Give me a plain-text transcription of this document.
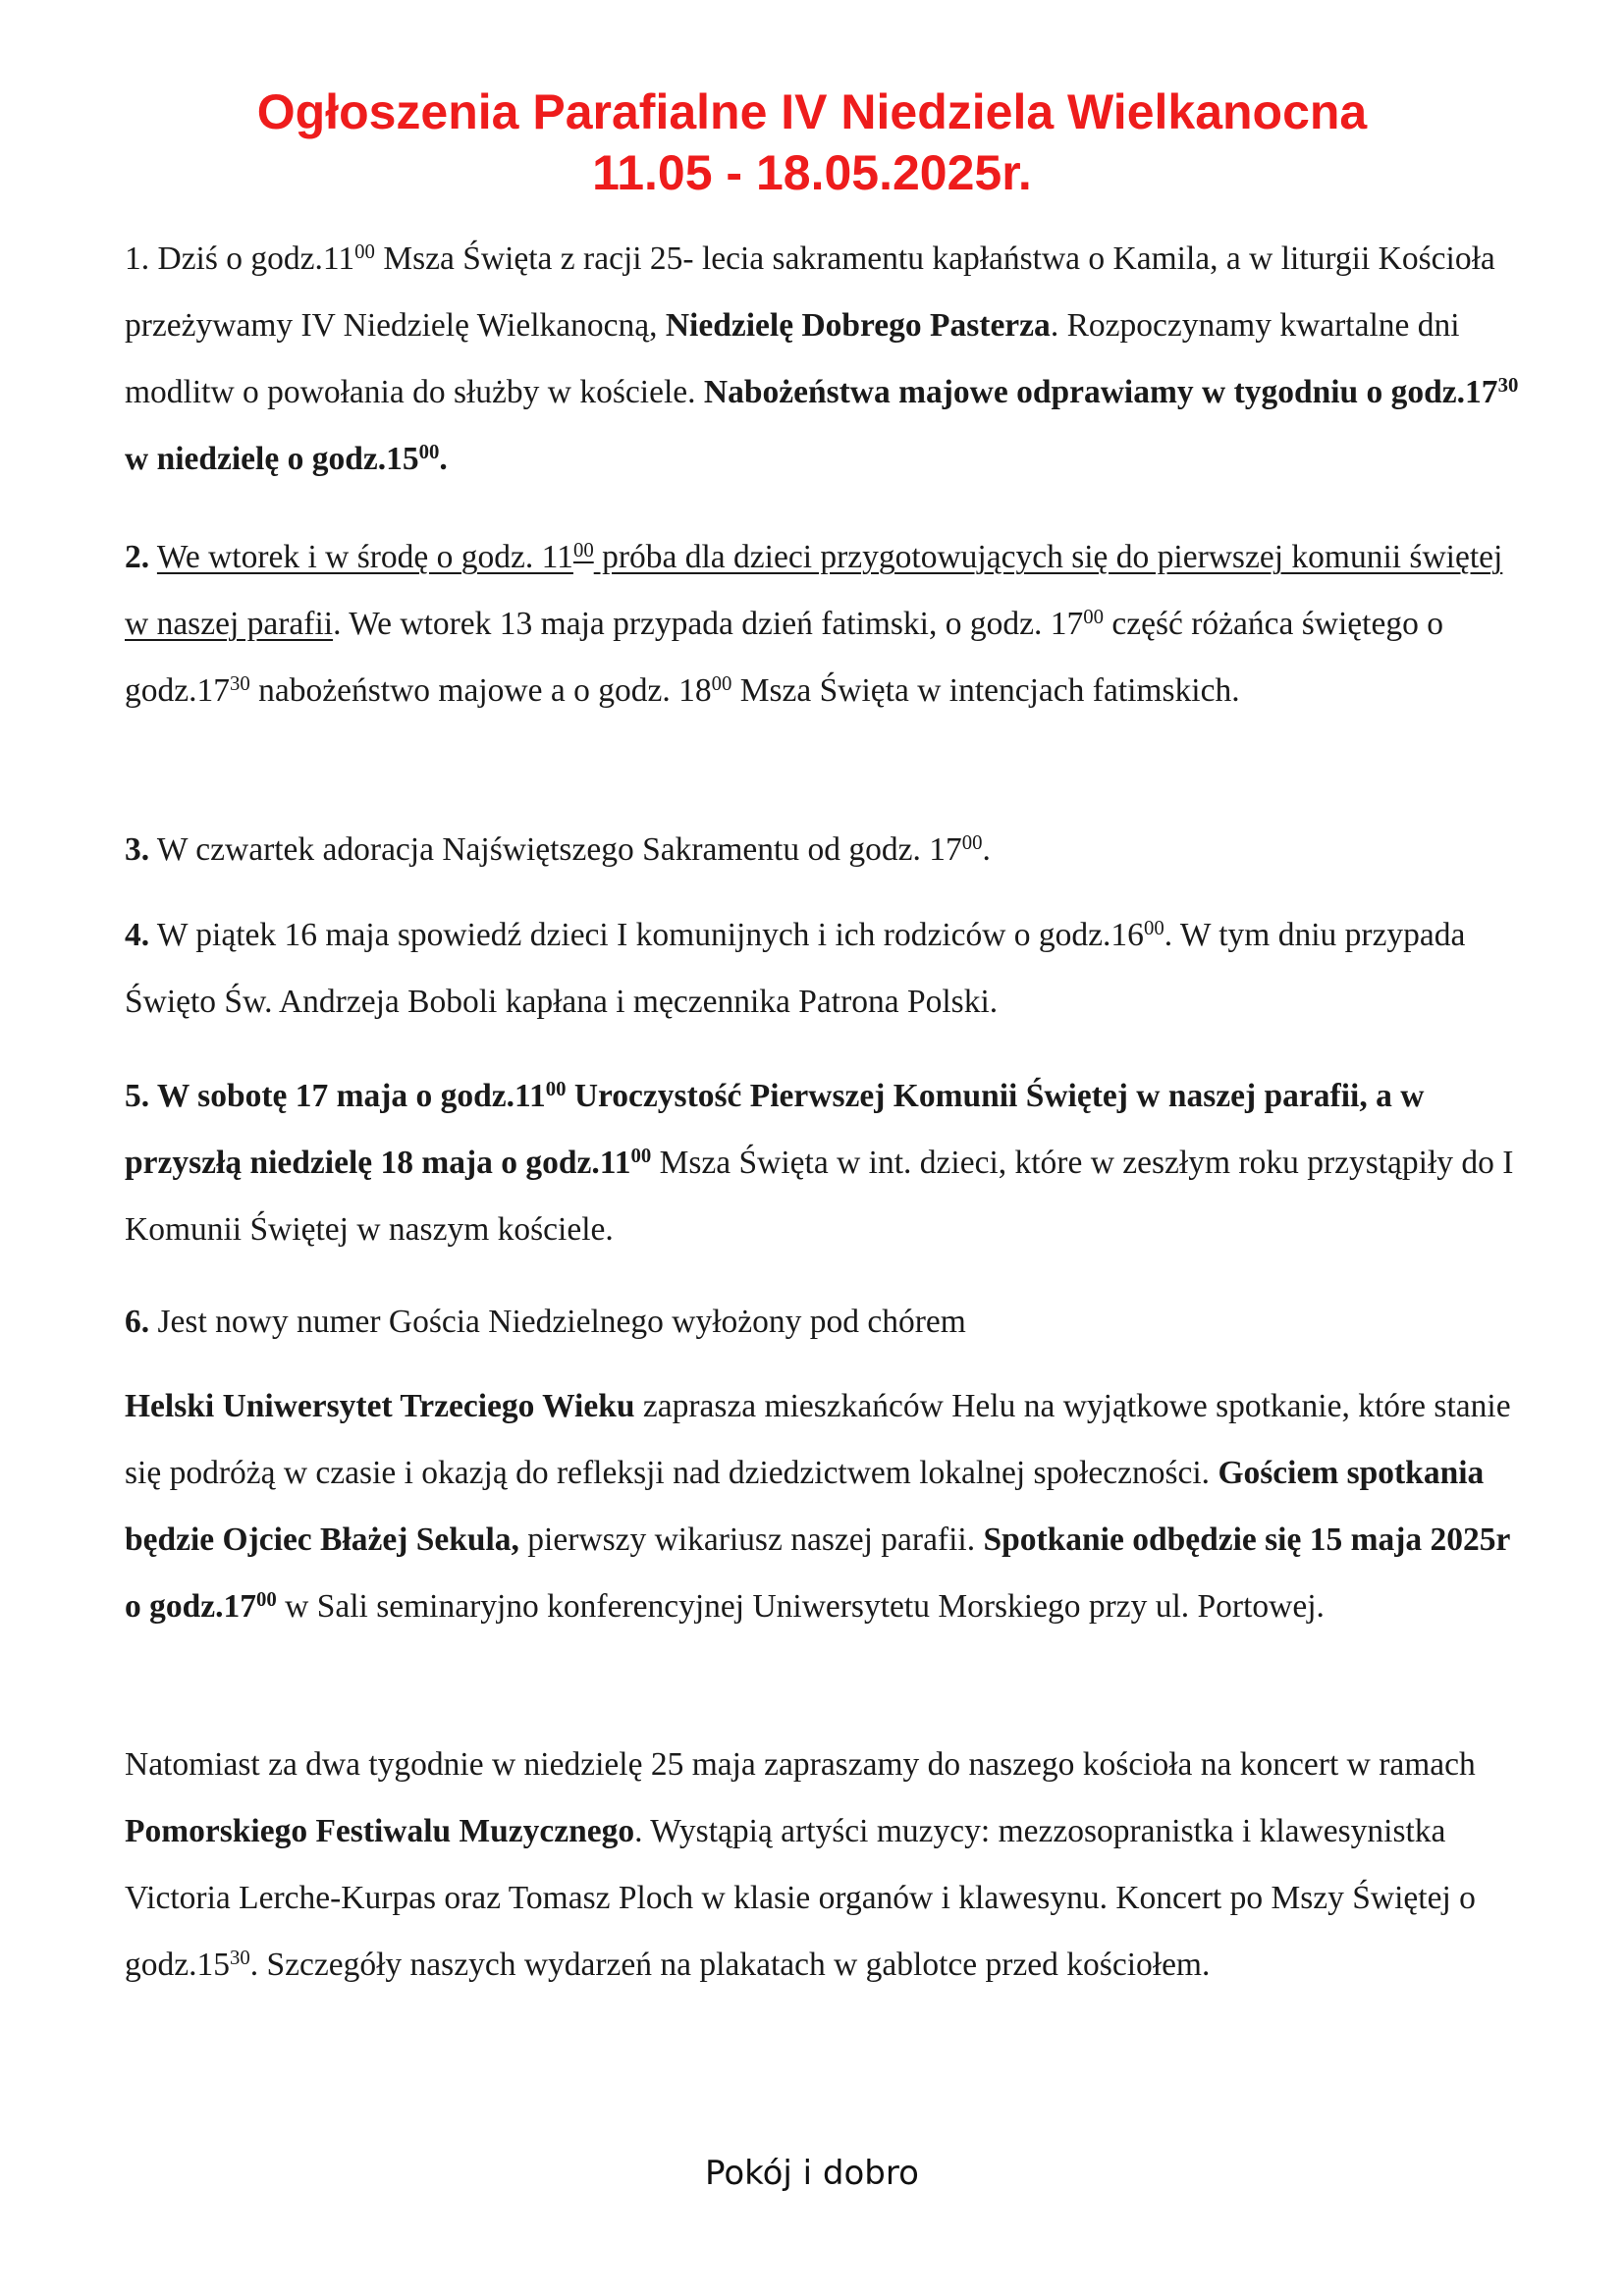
Ogłoszenia Parafialne IV Niedziela Wielkanocna
11.05 - 18.05.2025r.

1. Dziś o $godz.11^{00}$ Msza Święta z racji 25- lecia sakramentu kapłaństwa o Kamila, a w liturgii Kościoła przeżywamy IV Niedzielę Wielkanocną, Niedzielę Dobrego Pasterza. Rozpoczynamy kwartalne dni modlitw o powołania do służby w kościele. Nabożeństwa majowe odprawiamy w tygodniu o $godz.17^{30}$ w niedzielę o $godz.15^{00}$.

2. We wtorek i w środę o godz. $11^{00}$ próba dla dzieci przygotowujących się do pierwszej komunii świętej w naszej parafii. We wtorek 13 maja przypada dzień fatimski, o godz. $17^{00}$ część różańca świętego o $godz.17^{30}$ nabożeństwo majowe a o godz. $18^{00}$ Msza Święta w intencjach fatimskich.

3. W czwartek adoracja Najświętszego Sakramentu od godz. $17^{00}$.

4. W piątek 16 maja spowiedź dzieci I komunijnych i ich rodziców o $godz.16^{00}$. W tym dniu przypada Święto Św. Andrzeja Boboli kapłana i męczennika Patrona Polski.

5. W sobotę 17 maja o $godz.11^{00}$ Uroczystość Pierwszej Komunii Świętej w naszej parafii, a w przyszłą niedzielę 18 maja o $godz.11^{00}$ Msza Święta w int. dzieci, które w zeszłym roku przystąpiły do I Komunii Świętej w naszym kościele.

6. Jest nowy numer Gościa Niedzielnego wyłożony pod chórem

Helski Uniwersytet Trzeciego Wieku zaprasza mieszkańców Helu na wyjątkowe spotkanie, które stanie się podróżą w czasie i okazją do refleksji nad dziedzictwem lokalnej społeczności. Gościem spotkania będzie Ojciec Błażej Sekula, pierwszy wikariusz naszej parafii. Spotkanie odbędzie się 15 maja 2025r o $godz.17^{00}$ w Sali seminaryjno konferencyjnej Uniwersytetu Morskiego przy ul. Portowej.

Natomiast za dwa tygodnie w niedzielę 25 maja zapraszamy do naszego kościoła na koncert w ramach Pomorskiego Festiwalu Muzycznego. Wystąpią artyści muzycy: mezzosopranistka i klawesynistka Victoria Lerche-Kurpas oraz Tomasz Ploch w klasie organów i klawesynu. Koncert po Mszy Świętej o $godz.15^{30}$. Szczegóły naszych wydarzeń na plakatach w gablotce przed kościołem.

Pokój i dobro
